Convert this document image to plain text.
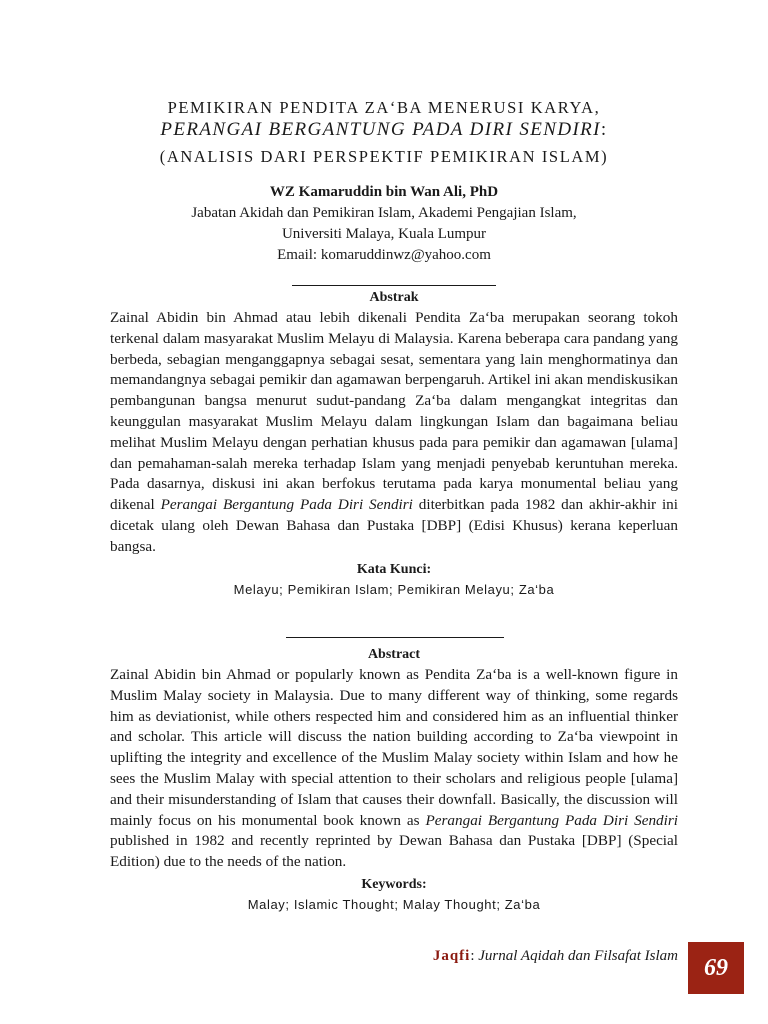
PEMIKIRAN PENDITA ZA‘BA MENERUSI KARYA,

PERANGAI BERGANTUNG PADA DIRI SENDIRI:

(ANALISIS DARI PERSPEKTIF PEMIKIRAN ISLAM)

WZ Kamaruddin bin Wan Ali, PhD
Jabatan Akidah dan Pemikiran Islam, Akademi Pengajian Islam,
Universiti Malaya, Kuala Lumpur
Email: komaruddinwz@yahoo.com

Abstrak

Zainal Abidin bin Ahmad atau lebih dikenali Pendita Za‘ba merupakan seorang tokoh terkenal dalam masyarakat Muslim Melayu di Malaysia. Karena beberapa cara pandang yang berbeda, sebagian menganggapnya sebagai sesat, sementara yang lain menghormatinya dan memandangnya sebagai pemikir dan agamawan berpengaruh. Artikel ini akan mendiskusikan pembangunan bangsa menurut sudut-pandang Za‘ba dalam mengangkat integritas dan keunggulan masyarakat Muslim Melayu dalam lingkungan Islam dan bagaimana beliau melihat Muslim Melayu dengan perhatian khusus pada para pemikir dan agamawan [ulama] dan pemahaman-salah mereka terhadap Islam yang menjadi penyebab keruntuhan mereka. Pada dasarnya, diskusi ini akan berfokus terutama pada karya monumental beliau yang dikenal Perangai Bergantung Pada Diri Sendiri diterbitkan pada 1982 dan akhir-akhir ini dicetak ulang oleh Dewan Bahasa dan Pustaka [DBP] (Edisi Khusus) kerana keperluan bangsa.

Kata Kunci:

Melayu; Pemikiran Islam; Pemikiran Melayu; Za‘ba

Abstract

Zainal Abidin bin Ahmad or popularly known as Pendita Za‘ba is a well-known figure in Muslim Malay society in Malaysia. Due to many different way of thinking, some regards him as deviationist, while others respected him and considered him as an influential thinker and scholar. This article will discuss the nation building according to Za‘ba viewpoint in uplifting the integrity and excellence of the Muslim Malay society within Islam and how he sees the Muslim Malay with special attention to their scholars and religious people [ulama] and their misunderstanding of Islam that causes their downfall. Basically, the discussion will mainly focus on his monumental book known as Perangai Bergantung Pada Diri Sendiri published in 1982 and recently reprinted by Dewan Bahasa dan Pustaka [DBP] (Special Edition) due to the needs of the nation.

Keywords:

Malay; Islamic Thought; Malay Thought; Za‘ba

Jaqfi: Jurnal Aqidah dan Filsafat Islam 69
